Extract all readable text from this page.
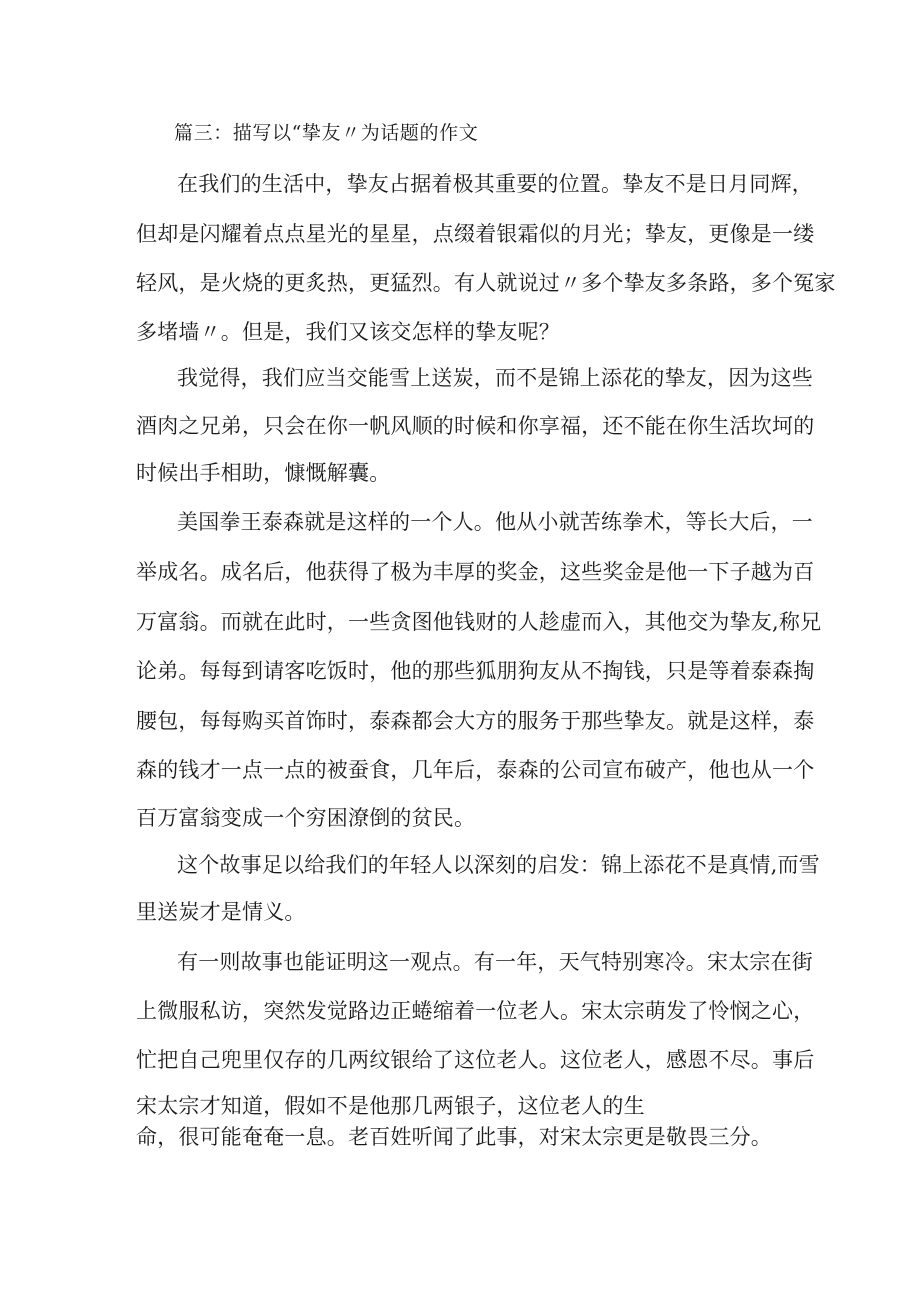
篇三：描写以“挚友〃为话题的作文
在我们的生活中，挚友占据着极其重要的位置。挚友不是日月同辉，
但却是闪耀着点点星光的星星，点缀着银霜似的月光；挚友，更像是一缕
轻风，是火烧的更炙热，更猛烈。有人就说过〃多个挚友多条路，多个冤家
多堵墙〃。但是，我们又该交怎样的挚友呢？
我觉得，我们应当交能雪上送炭，而不是锦上添花的挚友，因为这些
酒肉之兄弟，只会在你一帆风顺的时候和你享福，还不能在你生活坎坷的
时候出手相助，慷慨解囊。
美国拳王泰森就是这样的一个人。他从小就苦练拳术，等长大后，一
举成名。成名后，他获得了极为丰厚的奖金，这些奖金是他一下子越为百
万富翁。而就在此时，一些贪图他钱财的人趁虚而入，其他交为挚友,称兄
论弟。每每到请客吃饭时，他的那些狐朋狗友从不掏钱，只是等着泰森掏
腰包，每每购买首饰时，泰森都会大方的服务于那些挚友。就是这样，泰
森的钱才一点一点的被蚕食，几年后，泰森的公司宣布破产，他也从一个
百万富翁变成一个穷困潦倒的贫民。
这个故事足以给我们的年轻人以深刻的启发：锦上添花不是真情,而雪
里送炭才是情义。
有一则故事也能证明这一观点。有一年，天气特别寒冷。宋太宗在街
上微服私访，突然发觉路边正蜷缩着一位老人。宋太宗萌发了怜悯之心，
忙把自己兜里仅存的几两纹银给了这位老人。这位老人，感恩不尽。事后
宋太宗才知道，假如不是他那几两银子，这位老人的生
命，很可能奄奄一息。老百姓听闻了此事，对宋太宗更是敬畏三分。
